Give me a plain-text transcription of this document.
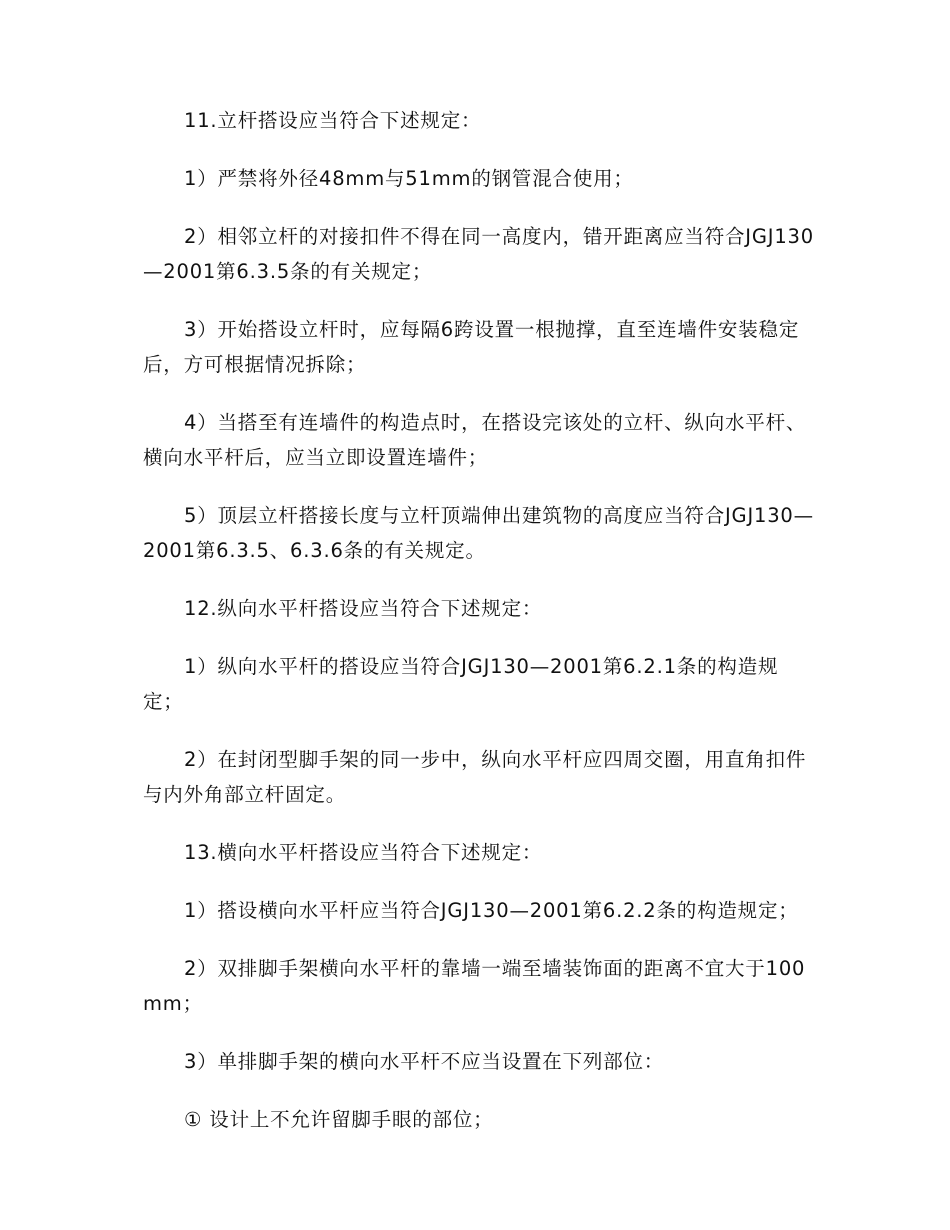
11.立杆搭设应当符合下述规定：

1）严禁将外径48mm与51mm的钢管混合使用；

2）相邻立杆的对接扣件不得在同一高度内，错开距离应当符合JGJ130—2001第6.3.5条的有关规定；

3）开始搭设立杆时，应每隔6跨设置一根抛撑，直至连墙件安装稳定后，方可根据情况拆除；

4）当搭至有连墙件的构造点时，在搭设完该处的立杆、纵向水平杆、横向水平杆后，应当立即设置连墙件；

5）顶层立杆搭接长度与立杆顶端伸出建筑物的高度应当符合JGJ130—2001第6.3.5、6.3.6条的有关规定。

12.纵向水平杆搭设应当符合下述规定：

1）纵向水平杆的搭设应当符合JGJ130—2001第6.2.1条的构造规定；

2）在封闭型脚手架的同一步中，纵向水平杆应四周交圈，用直角扣件与内外角部立杆固定。

13.横向水平杆搭设应当符合下述规定：

1）搭设横向水平杆应当符合JGJ130—2001第6.2.2条的构造规定；

2）双排脚手架横向水平杆的靠墙一端至墙装饰面的距离不宜大于100mm；

3）单排脚手架的横向水平杆不应当设置在下列部位：

① 设计上不允许留脚手眼的部位；
